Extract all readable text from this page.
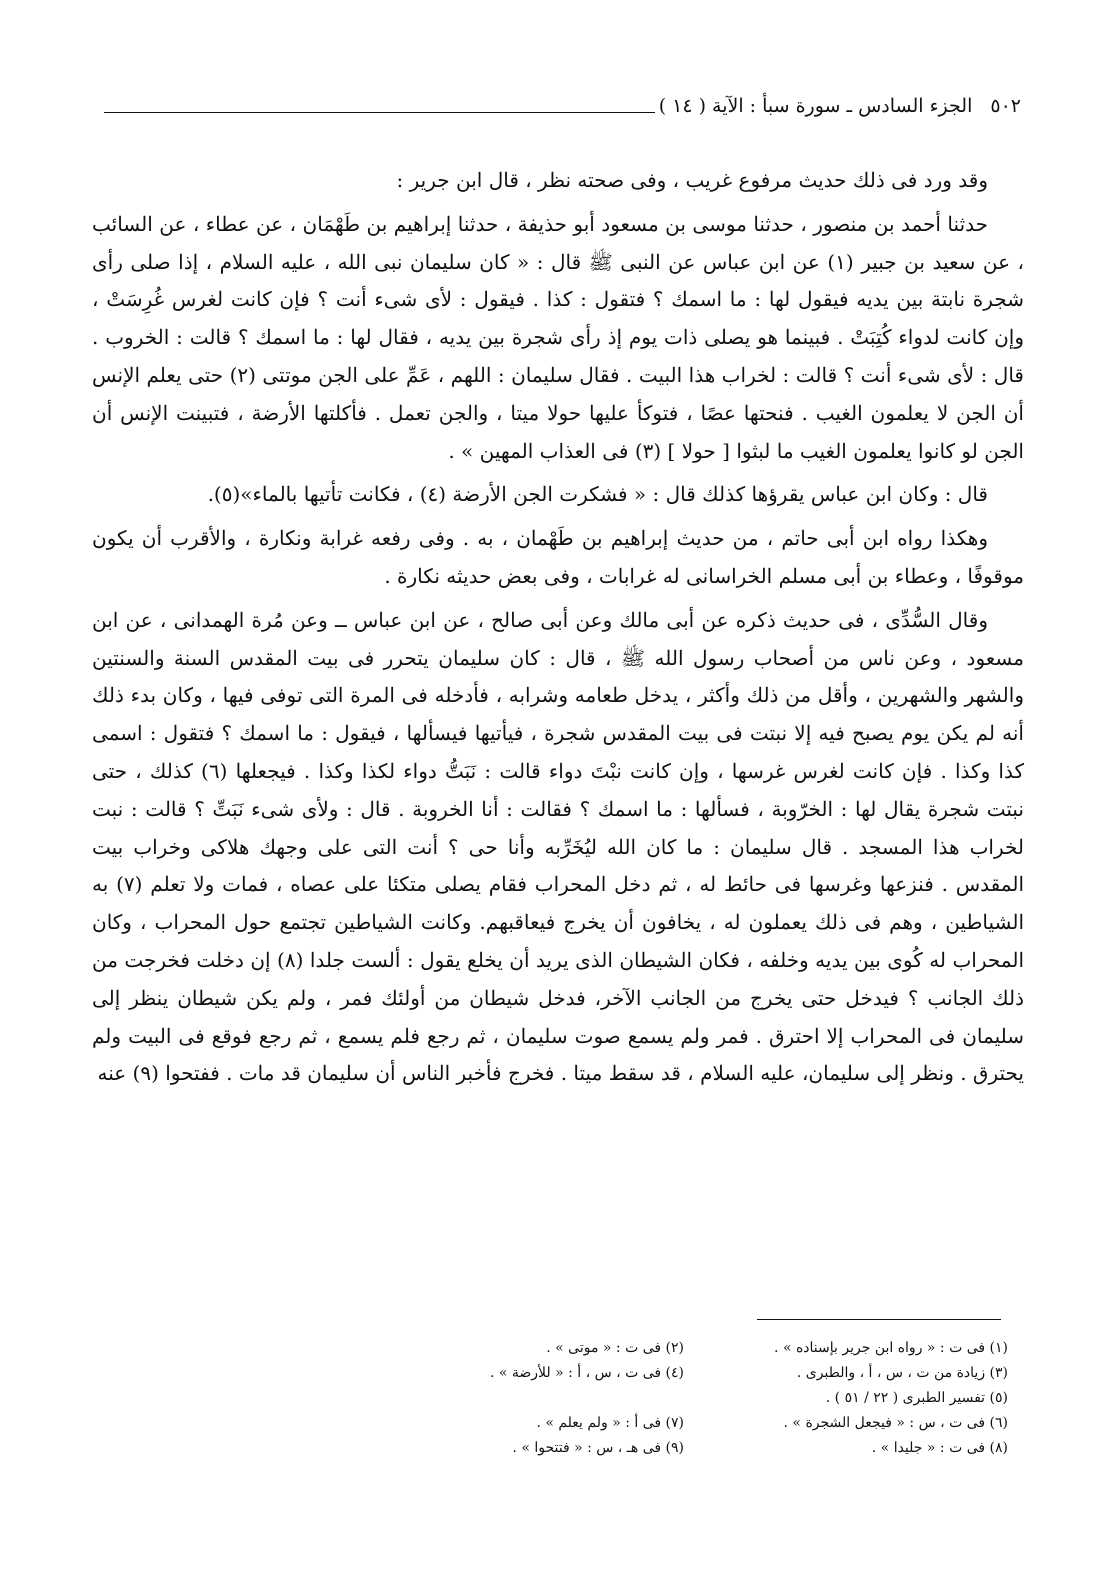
٥٠٢
الجزء السادس ـ سورة سبأ : الآية ( ١٤ )

وقد ورد فى ذلك حديث مرفوع غريب ، وفى صحته نظر ، قال ابن جرير :

حدثنا أحمد بن منصور ، حدثنا موسى بن مسعود أبو حذيفة ، حدثنا إبراهيم بن طَهْمَان ، عن عطاء ، عن السائب ، عن سعيد بن جبير (١) عن ابن عباس عن النبى ﷺ قال : « كان سليمان نبى الله ، عليه السلام ، إذا صلى رأى شجرة نابتة بين يديه فيقول لها : ما اسمك ؟ فتقول : كذا . فيقول : لأى شىء أنت ؟ فإن كانت لغرس غُرِسَتْ ، وإن كانت لدواء كُتِبَتْ . فبينما هو يصلى ذات يوم إذ رأى شجرة بين يديه ، فقال لها : ما اسمك ؟ قالت : الخروب . قال : لأى شىء أنت ؟ قالت : لخراب هذا البيت . فقال سليمان : اللهم ، عَمِّ على الجن موتتى (٢) حتى يعلم الإنس أن الجن لا يعلمون الغيب . فنحتها عصًا ، فتوكأ عليها حولا ميتا ، والجن تعمل . فأكلتها الأرضة ، فتبينت الإنس أن الجن لو كانوا يعلمون الغيب ما لبثوا [ حولا ] (٣) فى العذاب المهين » .

قال : وكان ابن عباس يقرؤها كذلك قال : « فشكرت الجن الأرضة (٤) ، فكانت تأتيها بالماء»(٥).

وهكذا رواه ابن أبى حاتم ، من حديث إبراهيم بن طَهْمان ، به . وفى رفعه غرابة ونكارة ، والأقرب أن يكون موقوفًا ، وعطاء بن أبى مسلم الخراسانى له غرابات ، وفى بعض حديثه نكارة .

وقال السُّدِّى ، فى حديث ذكره عن أبى مالك وعن أبى صالح ، عن ابن عباس ــ وعن مُرة الهمدانى ، عن ابن مسعود ، وعن ناس من أصحاب رسول الله ﷺ ، قال : كان سليمان يتحرر فى بيت المقدس السنة والسنتين والشهر والشهرين ، وأقل من ذلك وأكثر ، يدخل طعامه وشرابه ، فأدخله فى المرة التى توفى فيها ، وكان بدء ذلك أنه لم يكن يوم يصبح فيه إلا نبتت فى بيت المقدس شجرة ، فيأتيها فيسألها ، فيقول : ما اسمك ؟ فتقول : اسمى كذا وكذا . فإن كانت لغرس غرسها ، وإن كانت نبْتَ دواء قالت : نَبَتُّ دواء لكذا وكذا . فيجعلها (٦) كذلك ، حتى نبتت شجرة يقال لها : الخرّوبة ، فسألها : ما اسمك ؟ فقالت : أنا الخروبة . قال : ولأى شىء نَبَتِّ ؟ قالت : نبت لخراب هذا المسجد . قال سليمان : ما كان الله ليُخَرِّبه وأنا حى ؟ أنت التى على وجهك هلاكى وخراب بيت المقدس . فنزعها وغرسها فى حائط له ، ثم دخل المحراب فقام يصلى متكئا على عصاه ، فمات ولا تعلم (٧) به الشياطين ، وهم فى ذلك يعملون له ، يخافون أن يخرج فيعاقبهم. وكانت الشياطين تجتمع حول المحراب ، وكان المحراب له كُوى بين يديه وخلفه ، فكان الشيطان الذى يريد أن يخلع يقول : ألست جلدا (٨) إن دخلت فخرجت من ذلك الجانب ؟ فيدخل حتى يخرج من الجانب الآخر، فدخل شيطان من أولئك فمر ، ولم يكن شيطان ينظر إلى سليمان فى المحراب إلا احترق . فمر ولم يسمع صوت سليمان ، ثم رجع فلم يسمع ، ثم رجع فوقع فى البيت ولم يحترق . ونظر إلى سليمان، عليه السلام ، قد سقط ميتا . فخرج فأخبر الناس أن سليمان قد مات . ففتحوا (٩) عنه

(١) فى ت : « رواه ابن جرير بإسناده » .
(٢) فى ت : « موتى » .
(٣) زيادة من ت ، س ، أ ، والطبرى .
(٤) فى ت ، س ، أ : « للأرضة » .
(٥) تفسير الطبرى ( ٢٢ / ٥١ ) .
(٦) فى ت ، س : « فيجعل الشجرة » .
(٧) فى أ : « ولم يعلم » .
(٨) فى ت : « جليدا » .
(٩) فى هـ ، س : « فتتحوا » .
